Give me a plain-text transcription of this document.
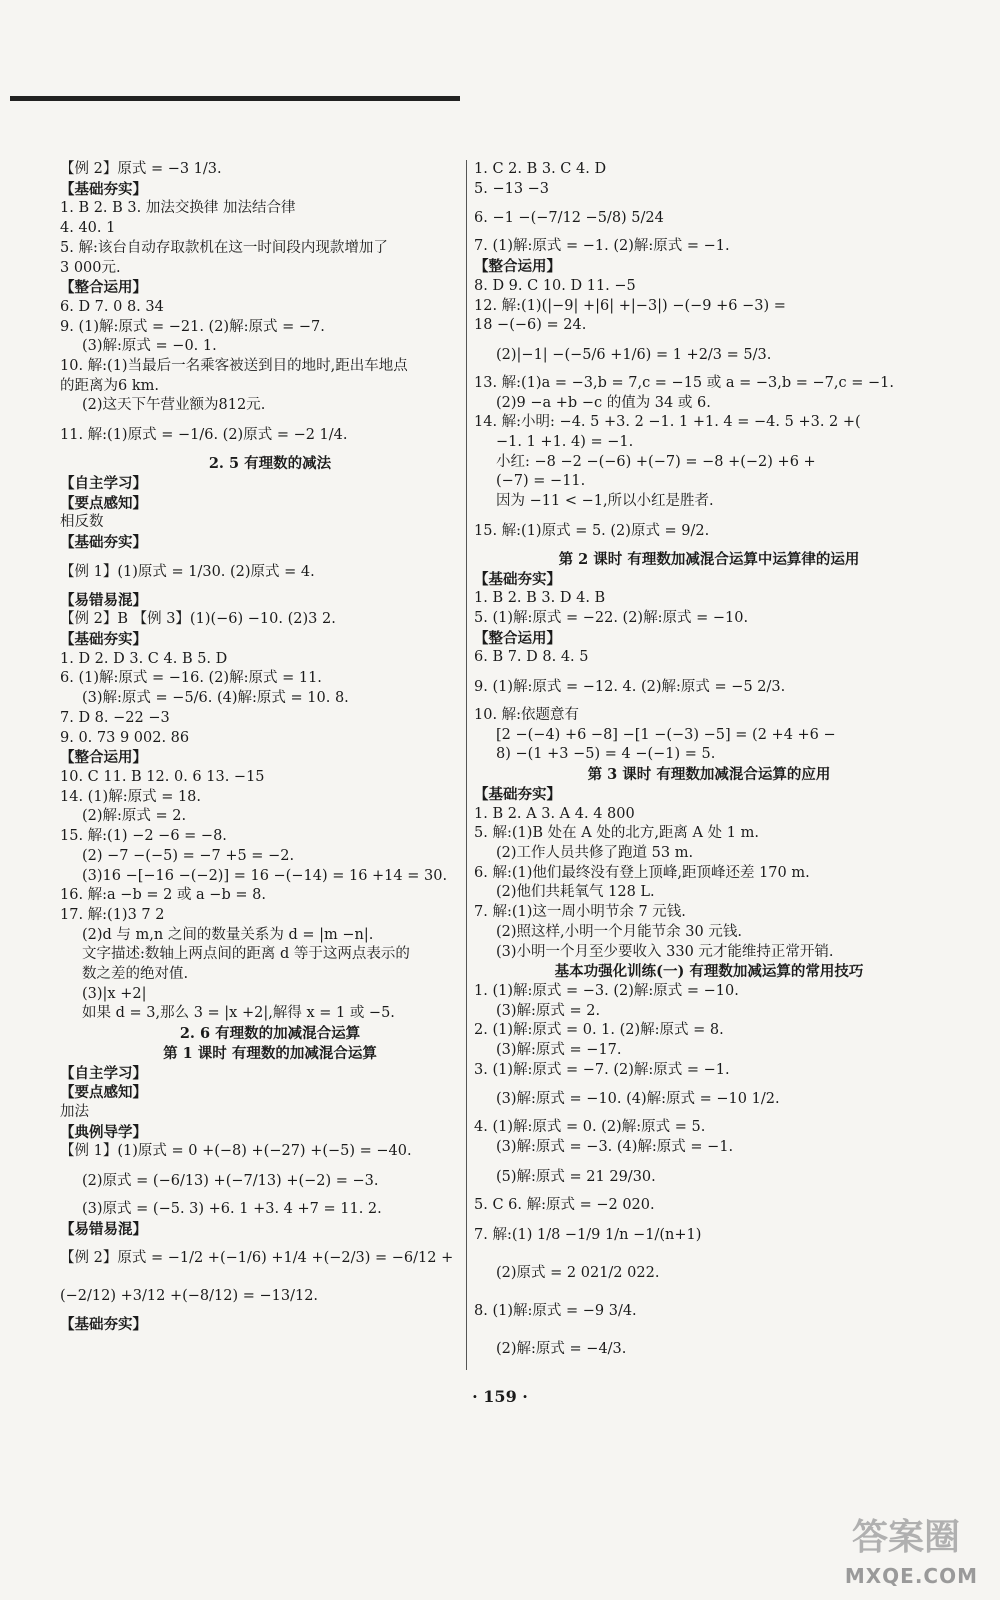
【例 2】原式 = −3 1/3.
【基础夯实】
1. B 2. B 3. 加法交换律 加法结合律
4. 40. 1
5. 解:该台自动存取款机在这一时间段内现款增加了
3 000元.
【整合运用】
6. D 7. 0 8. 34
9. (1)解:原式 = −21. (2)解:原式 = −7.
(3)解:原式 = −0. 1.
10. 解:(1)当最后一名乘客被送到目的地时,距出车地点
的距离为6 km.
(2)这天下午营业额为812元.
11. 解:(1)原式 = −1/6. (2)原式 = −2 1/4.
2. 5 有理数的减法
【自主学习】
【要点感知】
相反数
【基础夯实】
【例 1】(1)原式 = 1/30. (2)原式 = 4.
【易错易混】
【例 2】B 【例 3】(1)(−6) −10. (2)3 2.
【基础夯实】
1. D 2. D 3. C 4. B 5. D
6. (1)解:原式 = −16. (2)解:原式 = 11.
(3)解:原式 = −5/6. (4)解:原式 = 10. 8.
7. D 8. −22 −3
9. 0. 73 9 002. 86
【整合运用】
10. C 11. B 12. 0. 6 13. −15
14. (1)解:原式 = 18.
(2)解:原式 = 2.
15. 解:(1) −2 −6 = −8.
(2) −7 −(−5) = −7 +5 = −2.
(3)16 −[−16 −(−2)] = 16 −(−14) = 16 +14 = 30.
16. 解:a −b = 2 或 a −b = 8.
17. 解:(1)3 7 2
(2)d 与 m,n 之间的数量关系为 d = |m −n|.
文字描述:数轴上两点间的距离 d 等于这两点表示的
数之差的绝对值.
(3)|x +2|
如果 d = 3,那么 3 = |x +2|,解得 x = 1 或 −5.
2. 6 有理数的加减混合运算
第 1 课时 有理数的加减混合运算
【自主学习】
【要点感知】
加法
【典例导学】
【例 1】(1)原式 = 0 +(−8) +(−27) +(−5) = −40.
(2)原式 = (−6/13) +(−7/13) +(−2) = −3.
(3)原式 = (−5. 3) +6. 1 +3. 4 +7 = 11. 2.
【易错易混】
【例 2】原式 = −1/2 +(−1/6) +1/4 +(−2/3) = −6/12 +
(−2/12) +3/12 +(−8/12) = −13/12.
【基础夯实】
1. C 2. B 3. C 4. D
5. −13 −3
6. −1 −(−7/12 −5/8) 5/24
7. (1)解:原式 = −1. (2)解:原式 = −1.
【整合运用】
8. D 9. C 10. D 11. −5
12. 解:(1)(|−9| +|6| +|−3|) −(−9 +6 −3) =
18 −(−6) = 24.
(2)|−1| −(−5/6 +1/6) = 1 +2/3 = 5/3.
13. 解:(1)a = −3,b = 7,c = −15 或 a = −3,b = −7,c = −1.
(2)9 −a +b −c 的值为 34 或 6.
14. 解:小明: −4. 5 +3. 2 −1. 1 +1. 4 = −4. 5 +3. 2 +(
−1. 1 +1. 4) = −1.
小红: −8 −2 −(−6) +(−7) = −8 +(−2) +6 +
(−7) = −11.
因为 −11 < −1,所以小红是胜者.
15. 解:(1)原式 = 5. (2)原式 = 9/2.
第 2 课时 有理数加减混合运算中运算律的运用
【基础夯实】
1. B 2. B 3. D 4. B
5. (1)解:原式 = −22. (2)解:原式 = −10.
【整合运用】
6. B 7. D 8. 4. 5
9. (1)解:原式 = −12. 4. (2)解:原式 = −5 2/3.
10. 解:依题意有
[2 −(−4) +6 −8] −[1 −(−3) −5] = (2 +4 +6 −
8) −(1 +3 −5) = 4 −(−1) = 5.
第 3 课时 有理数加减混合运算的应用
【基础夯实】
1. B 2. A 3. A 4. 4 800
5. 解:(1)B 处在 A 处的北方,距离 A 处 1 m.
(2)工作人员共修了跑道 53 m.
6. 解:(1)他们最终没有登上顶峰,距顶峰还差 170 m.
(2)他们共耗氧气 128 L.
7. 解:(1)这一周小明节余 7 元钱.
(2)照这样,小明一个月能节余 30 元钱.
(3)小明一个月至少要收入 330 元才能维持正常开销.
基本功强化训练(一) 有理数加减运算的常用技巧
1. (1)解:原式 = −3. (2)解:原式 = −10.
(3)解:原式 = 2.
2. (1)解:原式 = 0. 1. (2)解:原式 = 8.
(3)解:原式 = −17.
3. (1)解:原式 = −7. (2)解:原式 = −1.
(3)解:原式 = −10. (4)解:原式 = −10 1/2.
4. (1)解:原式 = 0. (2)解:原式 = 5.
(3)解:原式 = −3. (4)解:原式 = −1.
(5)解:原式 = 21 29/30.
5. C 6. 解:原式 = −2 020.
7. 解:(1) 1/8 −1/9 1/n −1/(n+1)
(2)原式 = 2 021/2 022.
8. (1)解:原式 = −9 3/4.
(2)解:原式 = −4/3.
· 159 ·
答案圈
MXQE.COM
